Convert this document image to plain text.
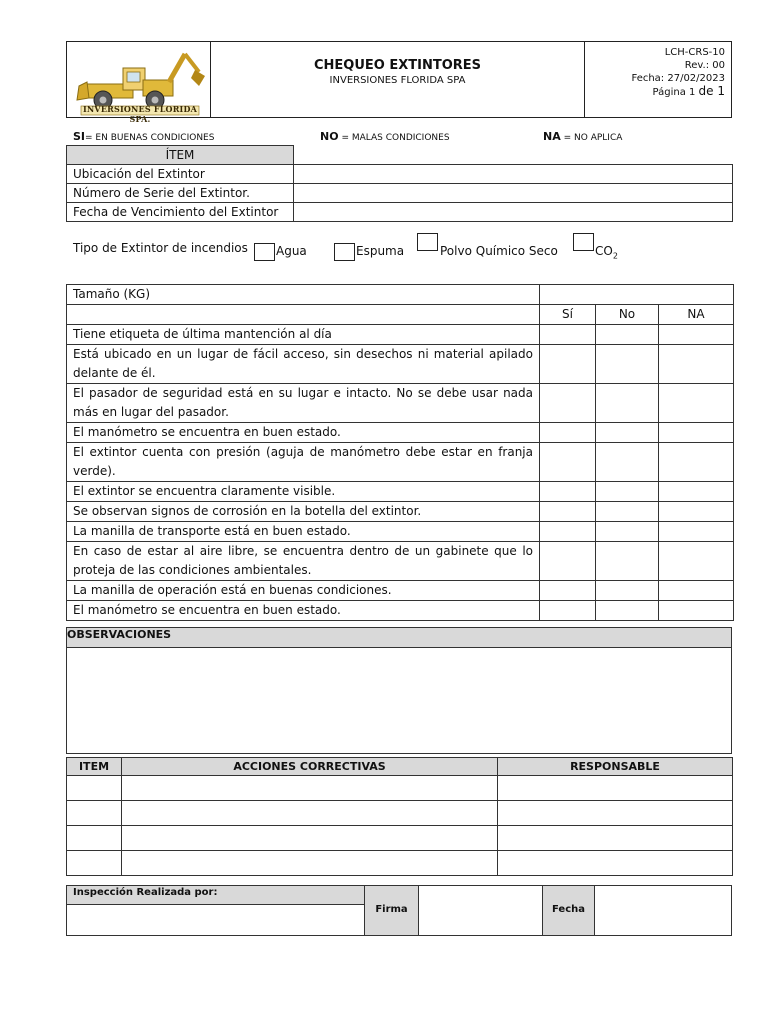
INVERSIONES FLORIDA SPA.
CHEQUEO EXTINTORES
INVERSIONES FLORIDA SPA
LCH-CRS-10
Rev.: 00
Fecha: 27/02/2023
Página 1 de 1
SI= EN BUENAS CONDICIONES	NO = MALAS CONDICIONES	NA = NO APLICA
ÍTEM	
Ubicación del Extintor	
Número de Serie del Extintor.	
Fecha de Vencimiento del Extintor	
Tipo de Extintor de incendios Agua	Espuma	Polvo Químico Seco	$CO_2$
Tamaño (KG)			
	Sí	No	NA
Tiene etiqueta de última mantención al día			
Está ubicado en un lugar de fácil acceso, sin desechos ni material apilado delante de él.			
El pasador de seguridad está en su lugar e intacto. No se debe usar nada más en lugar del pasador.			
El manómetro se encuentra en buen estado.			
El extintor cuenta con presión (aguja de manómetro debe estar en franja verde).			
El extintor se encuentra claramente visible.			
Se observan signos de corrosión en la botella del extintor.			
La manilla de transporte está en buen estado.			
En caso de estar al aire libre, se encuentra dentro de un gabinete que lo proteja de las condiciones ambientales.			
La manilla de operación está en buenas condiciones.			
El manómetro se encuentra en buen estado.			
OBSERVACIONES
ITEM	ACCIONES CORRECTIVAS	RESPONSABLE

Inspección Realizada por:
Firma	Fecha
